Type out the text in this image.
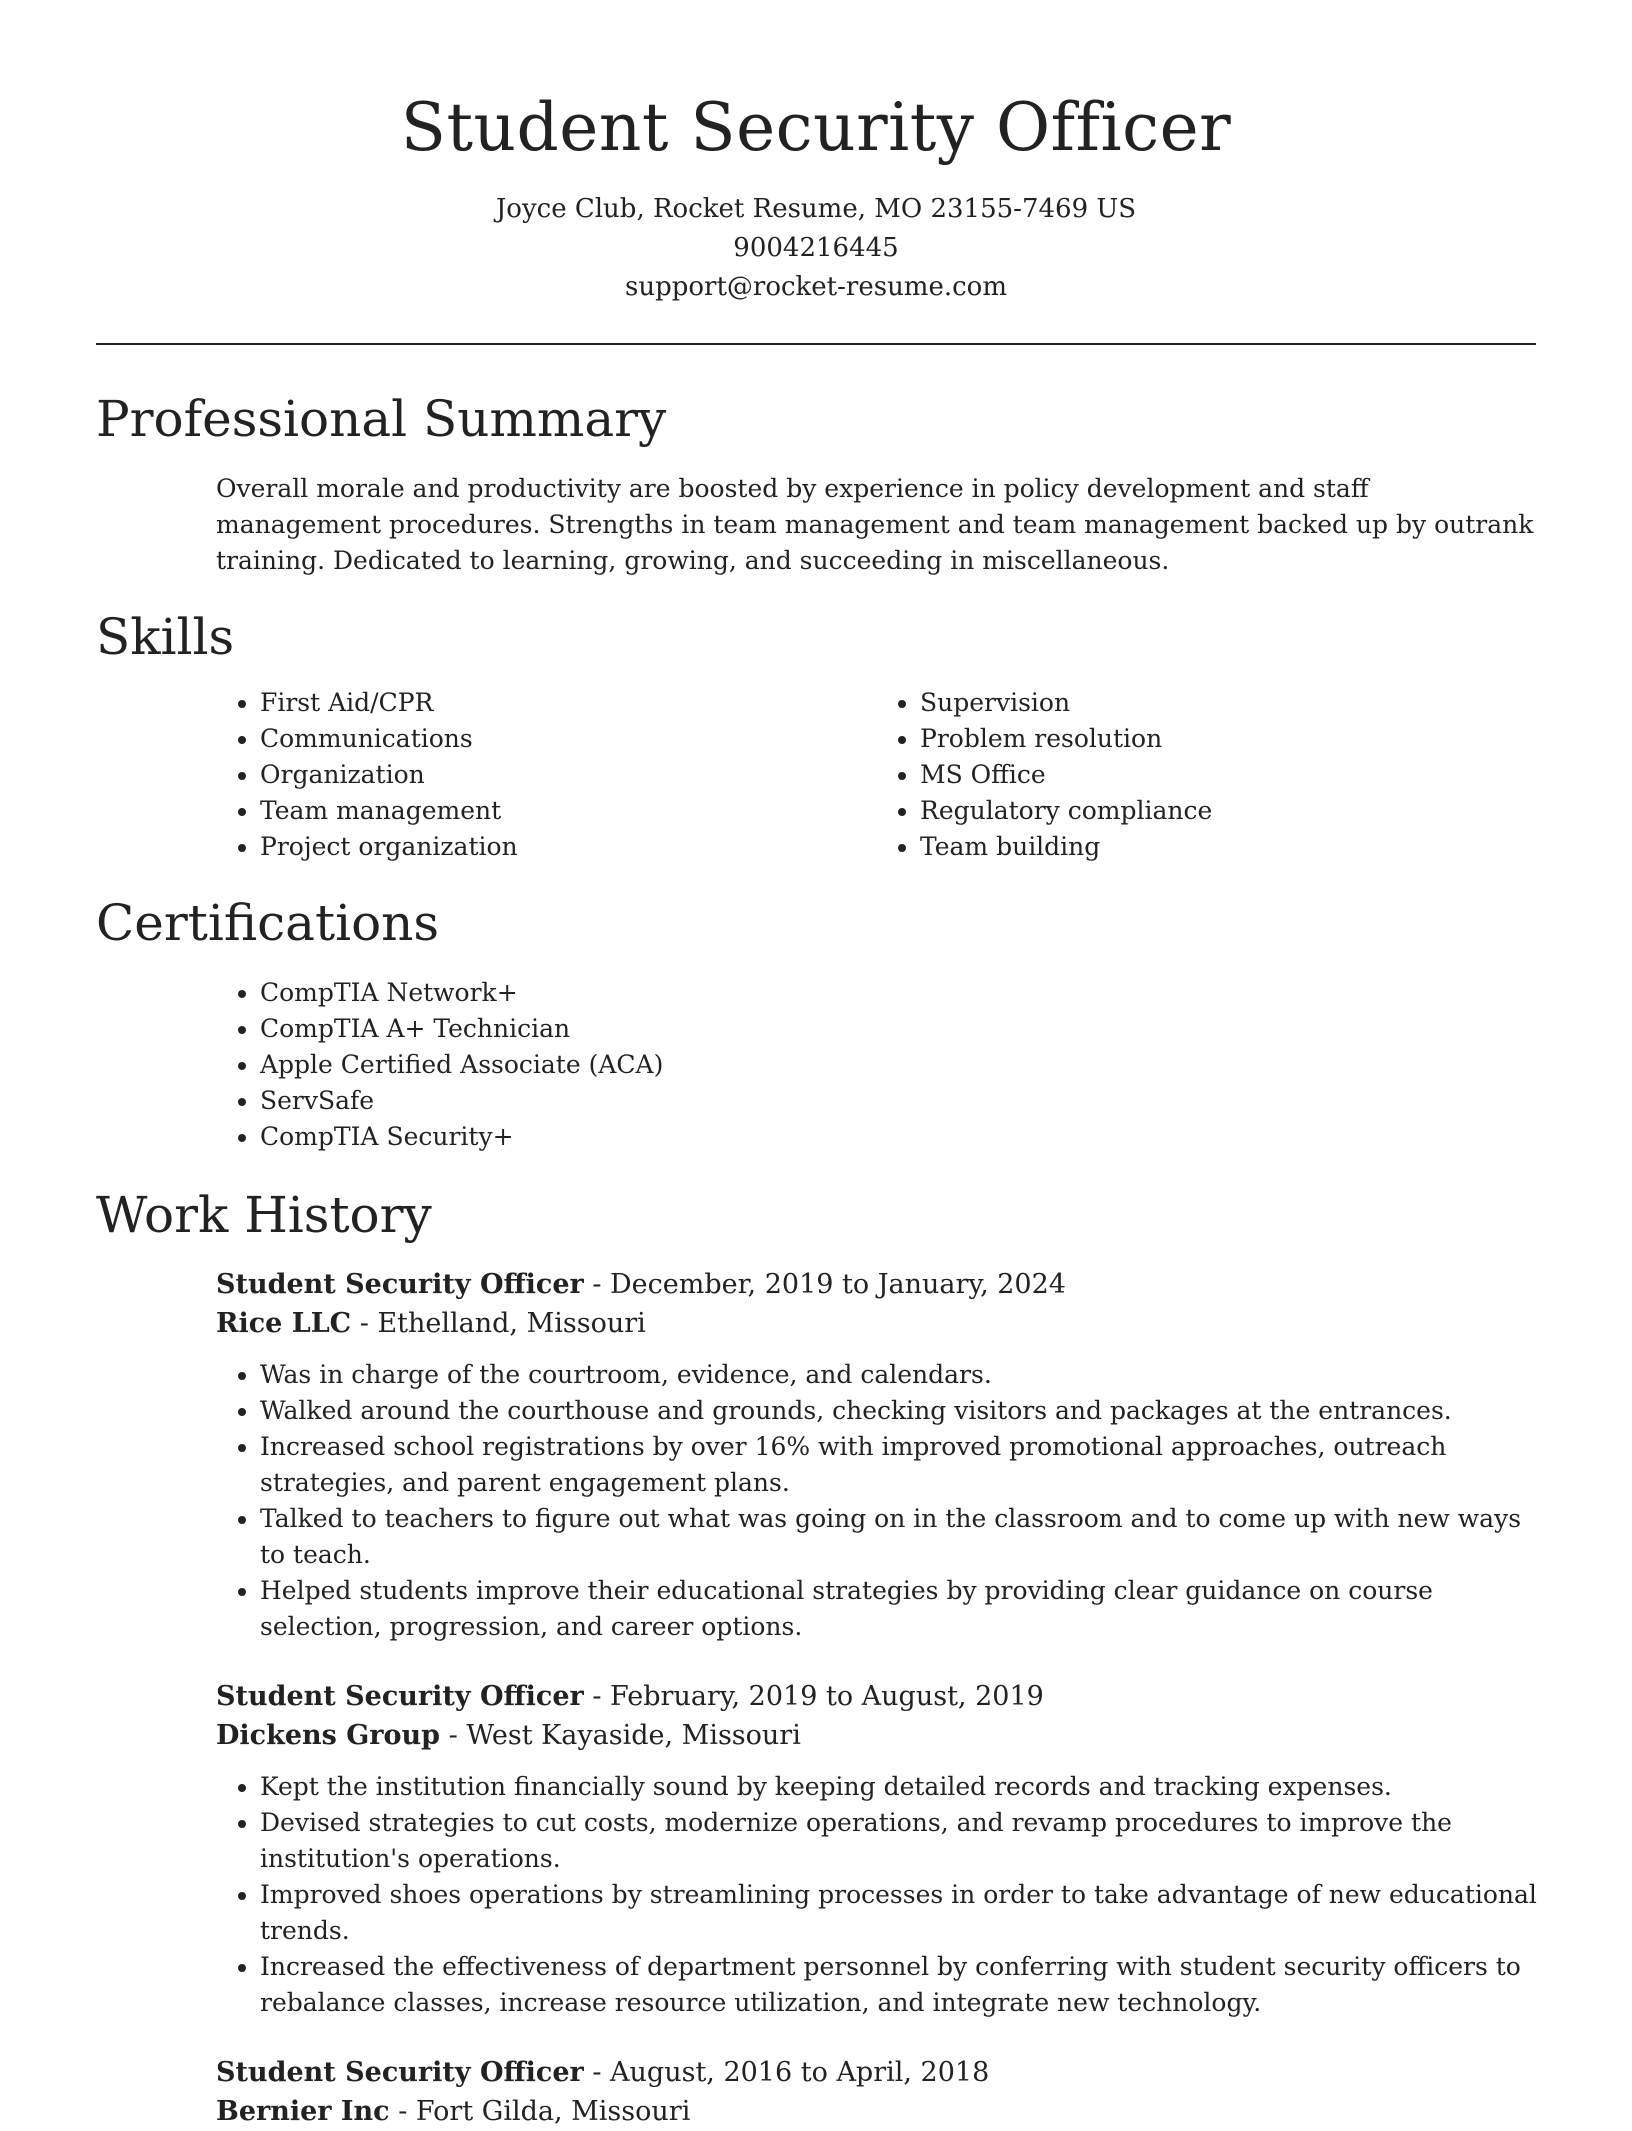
Student Security Officer
Joyce Club, Rocket Resume, MO 23155-7469 US
9004216445
support@rocket-resume.com
Professional Summary

Overall morale and productivity are boosted by experience in policy development and staff management procedures. Strengths in team management and team management backed up by outrank training. Dedicated to learning, growing, and succeeding in miscellaneous.

Skills
• First Aid/CPR
• Communications
• Organization
• Team management
• Project organization
• Supervision
• Problem resolution
• MS Office
• Regulatory compliance
• Team building
Certifications
• CompTIA Network+
• CompTIA A+ Technician
• Apple Certified Associate (ACA)
• ServSafe
• CompTIA Security+
Work History
Student Security Officer - December, 2019 to January, 2024
Rice LLC - Ethelland, Missouri
• Was in charge of the courtroom, evidence, and calendars.
• Walked around the courthouse and grounds, checking visitors and packages at the entrances.
• Increased school registrations by over 16% with improved promotional approaches, outreach strategies, and parent engagement plans.
• Talked to teachers to figure out what was going on in the classroom and to come up with new ways to teach.
• Helped students improve their educational strategies by providing clear guidance on course selection, progression, and career options.
Student Security Officer - February, 2019 to August, 2019
Dickens Group - West Kayaside, Missouri
• Kept the institution financially sound by keeping detailed records and tracking expenses.
• Devised strategies to cut costs, modernize operations, and revamp procedures to improve the institution's operations.
• Improved shoes operations by streamlining processes in order to take advantage of new educational trends.
• Increased the effectiveness of department personnel by conferring with student security officers to rebalance classes, increase resource utilization, and integrate new technology.
Student Security Officer - August, 2016 to April, 2018
Bernier Inc - Fort Gilda, Missouri
